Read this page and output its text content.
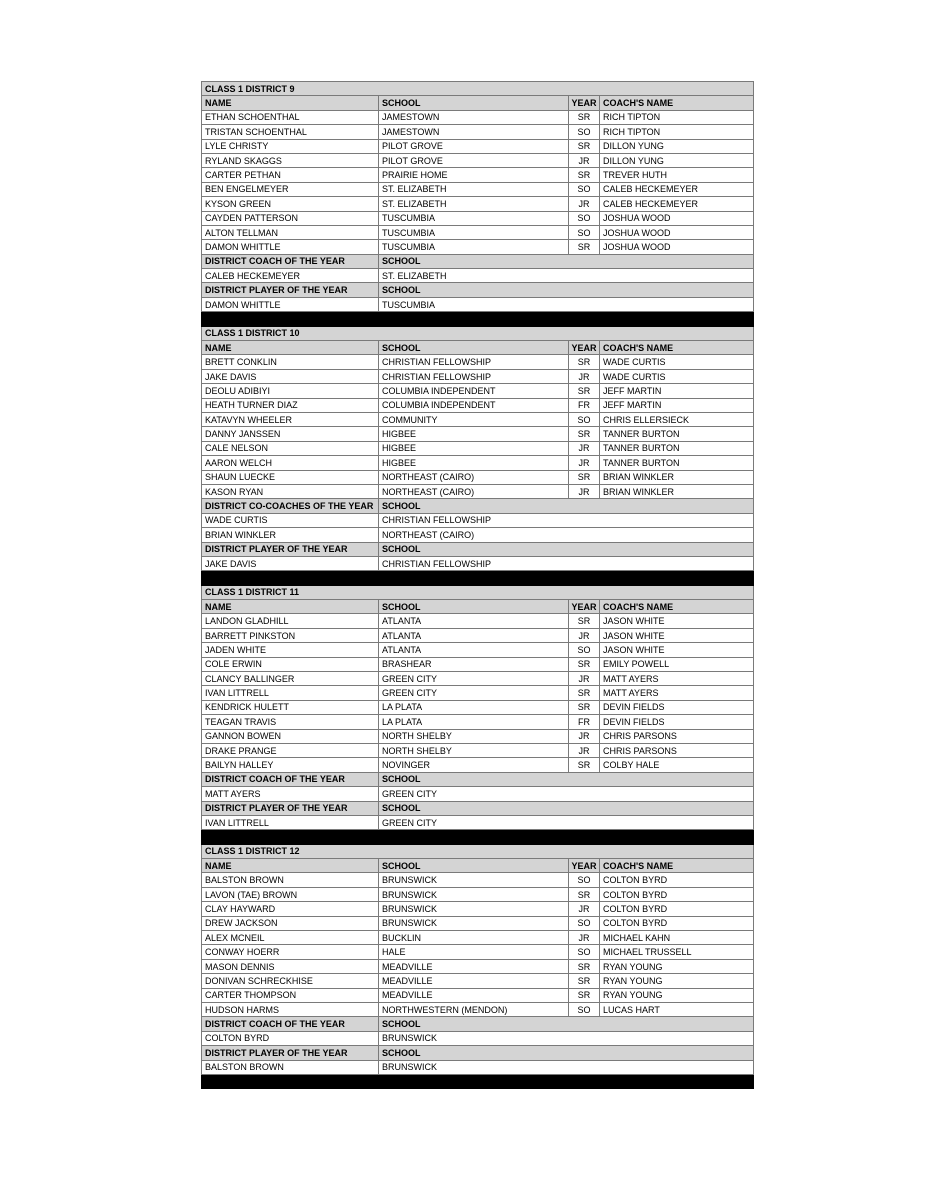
CLASS 1 DISTRICT 9			
NAME	SCHOOL	YEAR	COACH'S NAME
ETHAN SCHOENTHAL	JAMESTOWN	SR	RICH TIPTON
TRISTAN SCHOENTHAL	JAMESTOWN	SO	RICH TIPTON
LYLE CHRISTY	PILOT GROVE	SR	DILLON YUNG
RYLAND SKAGGS	PILOT GROVE	JR	DILLON YUNG
CARTER PETHAN	PRAIRIE HOME	SR	TREVER HUTH
BEN ENGELMEYER	ST. ELIZABETH	SO	CALEB HECKEMEYER
KYSON GREEN	ST. ELIZABETH	JR	CALEB HECKEMEYER
CAYDEN PATTERSON	TUSCUMBIA	SO	JOSHUA WOOD
ALTON TELLMAN	TUSCUMBIA	SO	JOSHUA WOOD
DAMON WHITTLE	TUSCUMBIA	SR	JOSHUA WOOD
DISTRICT COACH OF THE YEAR	SCHOOL		
CALEB HECKEMEYER	ST. ELIZABETH		
DISTRICT PLAYER OF THE YEAR	SCHOOL		
DAMON WHITTLE	TUSCUMBIA		

CLASS 1 DISTRICT 10			
NAME	SCHOOL	YEAR	COACH'S NAME
BRETT CONKLIN	CHRISTIAN FELLOWSHIP	SR	WADE CURTIS
JAKE DAVIS	CHRISTIAN FELLOWSHIP	JR	WADE CURTIS
DEOLU ADIBIYI	COLUMBIA INDEPENDENT	SR	JEFF MARTIN
HEATH TURNER DIAZ	COLUMBIA INDEPENDENT	FR	JEFF MARTIN
KATAVYN WHEELER	COMMUNITY	SO	CHRIS ELLERSIECK
DANNY JANSSEN	HIGBEE	SR	TANNER BURTON
CALE NELSON	HIGBEE	JR	TANNER BURTON
AARON WELCH	HIGBEE	JR	TANNER BURTON
SHAUN LUECKE	NORTHEAST (CAIRO)	SR	BRIAN WINKLER
KASON RYAN	NORTHEAST (CAIRO)	JR	BRIAN WINKLER
DISTRICT CO-COACHES OF THE YEAR	SCHOOL		
WADE CURTIS	CHRISTIAN FELLOWSHIP		
BRIAN WINKLER	NORTHEAST (CAIRO)		
DISTRICT PLAYER OF THE YEAR	SCHOOL		
JAKE DAVIS	CHRISTIAN FELLOWSHIP		

CLASS 1 DISTRICT 11			
NAME	SCHOOL	YEAR	COACH'S NAME
LANDON GLADHILL	ATLANTA	SR	JASON WHITE
BARRETT PINKSTON	ATLANTA	JR	JASON WHITE
JADEN WHITE	ATLANTA	SO	JASON WHITE
COLE ERWIN	BRASHEAR	SR	EMILY POWELL
CLANCY BALLINGER	GREEN CITY	JR	MATT AYERS
IVAN LITTRELL	GREEN CITY	SR	MATT AYERS
KENDRICK HULETT	LA PLATA	SR	DEVIN FIELDS
TEAGAN TRAVIS	LA PLATA	FR	DEVIN FIELDS
GANNON BOWEN	NORTH SHELBY	JR	CHRIS PARSONS
DRAKE PRANGE	NORTH SHELBY	JR	CHRIS PARSONS
BAILYN HALLEY	NOVINGER	SR	COLBY HALE
DISTRICT COACH OF THE YEAR	SCHOOL		
MATT AYERS	GREEN CITY		
DISTRICT PLAYER OF THE YEAR	SCHOOL		
IVAN LITTRELL	GREEN CITY		

CLASS 1 DISTRICT 12			
NAME	SCHOOL	YEAR	COACH'S NAME
BALSTON BROWN	BRUNSWICK	SO	COLTON BYRD
LAVON (TAE) BROWN	BRUNSWICK	SR	COLTON BYRD
CLAY HAYWARD	BRUNSWICK	JR	COLTON BYRD
DREW JACKSON	BRUNSWICK	SO	COLTON BYRD
ALEX MCNEIL	BUCKLIN	JR	MICHAEL KAHN
CONWAY HOERR	HALE	SO	MICHAEL TRUSSELL
MASON DENNIS	MEADVILLE	SR	RYAN YOUNG
DONIVAN SCHRECKHISE	MEADVILLE	SR	RYAN YOUNG
CARTER THOMPSON	MEADVILLE	SR	RYAN YOUNG
HUDSON HARMS	NORTHWESTERN (MENDON)	SO	LUCAS HART
DISTRICT COACH OF THE YEAR	SCHOOL		
COLTON BYRD	BRUNSWICK		
DISTRICT PLAYER OF THE YEAR	SCHOOL		
BALSTON BROWN	BRUNSWICK		
